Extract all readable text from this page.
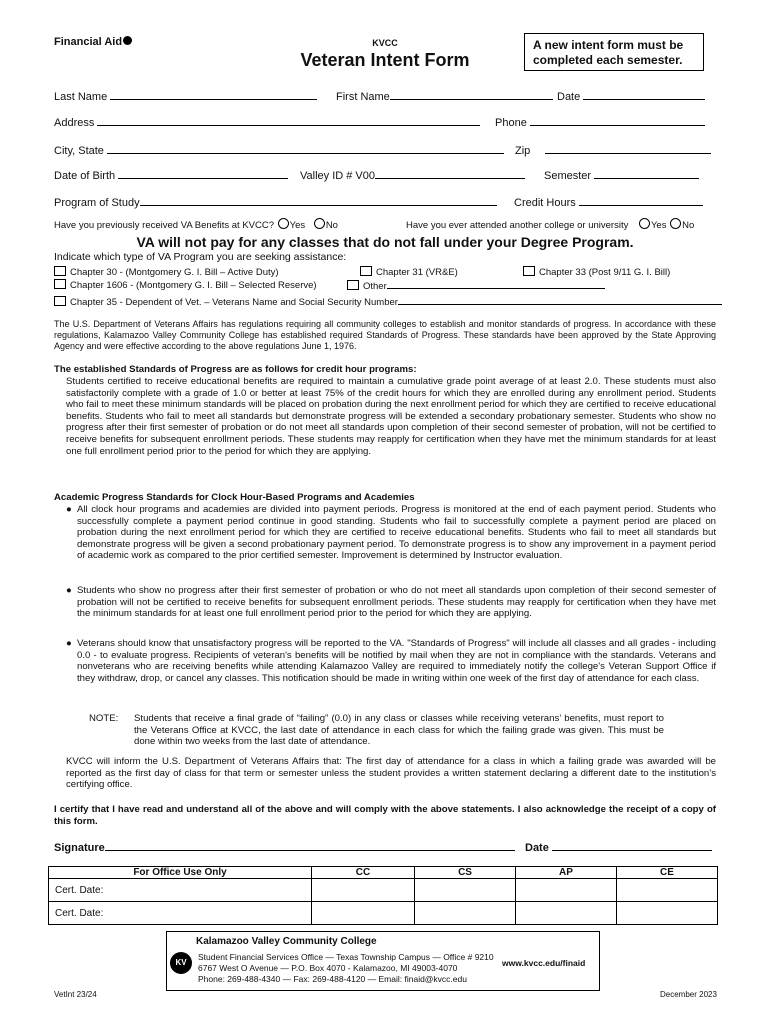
Financial Aid	KVCC
Veteran Intent Form
A new intent form must be completed each semester.
Last Name	First Name	Date
Address	Phone
City, State	Zip
Date of Birth	Valley ID # V00	Semester
Program of Study	Credit Hours
Have you previously received VA Benefits at KVCC? Yes No	Have you ever attended another college or university Yes No
VA will not pay for any classes that do not fall under your Degree Program.
Indicate which type of VA Program you are seeking assistance:
Chapter 30 - (Montgomery G. I. Bill – Active Duty)	Chapter 31 (VR&E)	Chapter 33 (Post 9/11 G. I. Bill)
Chapter 1606 - (Montgomery G. I. Bill – Selected Reserve)	Other
Chapter 35 - Dependent of Vet. – Veterans Name and Social Security Number
The U.S. Department of Veterans Affairs has regulations requiring all community colleges to establish and monitor standards of progress. In accordance with these regulations, Kalamazoo Valley Community College has established required Standards of Progress. These standards have been approved by the State Approving Agency and were effective according to the above regulations June 1, 1976.
The established Standards of Progress are as follows for credit hour programs:
Students certified to receive educational benefits are required to maintain a cumulative grade point average of at least 2.0. These students must also satisfactorily complete with a grade of 1.0 or better at least 75% of the credit hours for which they are enrolled during any enrollment period. Students who fail to meet these minimum standards will be placed on probation during the next enrollment period for which they are certified to receive educational benefits. Students who fail to meet all standards but demonstrate progress will be extended a secondary probationary semester. Students who show no progress after their first semester of probation or do not meet all standards upon completion of their second semester of probation, will not be certified to receive benefits for subsequent enrollment periods. These students may reapply for certification when they have met the minimum standards for at least one full enrollment period prior to the period for which they are applying.
Academic Progress Standards for Clock Hour-Based Programs and Academies
● All clock hour programs and academies are divided into payment periods. Progress is monitored at the end of each payment period. Students who successfully complete a payment period continue in good standing. Students who fail to successfully complete a payment period are placed on probation during the next enrollment period for which they are certified to receive educational benefits. Students who fail to meet all standards but demonstrate progress will be given a second probationary payment period. To demonstrate progress is to show any improvement in a payment period of academic work as compared to the prior certified semester. Improvement is determined by Instructor evaluation.
● Students who show no progress after their first semester of probation or who do not meet all standards upon completion of their second semester of probation will not be certified to receive benefits for subsequent enrollment periods. These students may reapply for certification when they have met the minimum standards for at least one full enrollment period prior to the period for which they are applying.
● Veterans should know that unsatisfactory progress will be reported to the VA. "Standards of Progress" will include all classes and all grades - including 0.0 - to evaluate progress. Recipients of veteran's benefits will be notified by mail when they are not in compliance with the standards. Veterans and nonveterans who are receiving benefits while attending Kalamazoo Valley are required to immediately notify the college's Veteran Support Office if they withdraw, drop, or cancel any classes. This notification should be made in writing within one week of the first day of attendance for each class.
NOTE:	Students that receive a final grade of “failing” (0.0) in any class or classes while receiving veterans’ benefits, must report to the Veterans Office at KVCC, the last date of attendance in each class for which the failing grade was given. This must be done within two weeks from the last date of attendance.
KVCC will inform the U.S. Department of Veterans Affairs that: The first day of attendance for a class in which a failing grade was awarded will be reported as the first day of class for that term or semester unless the student provides a written statement declaring a different date to the institution’s certifying office.
I certify that I have read and understand all of the above and will comply with the above statements. I also acknowledge the receipt of a copy of this form.
Signature	Date
For Office Use Only	CC	CS	AP	CE
Cert. Date:				
Cert. Date:				
KV
Kalamazoo Valley Community College
Student Financial Services Office — Texas Township Campus — Office # 9210
6767 West O Avenue — P.O. Box 4070 - Kalamazoo, MI 49003-4070
Phone: 269-488-4340 — Fax: 269-488-4120 — Email: finaid@kvcc.edu
www.kvcc.edu/finaid
VetInt 23/24	December 2023
